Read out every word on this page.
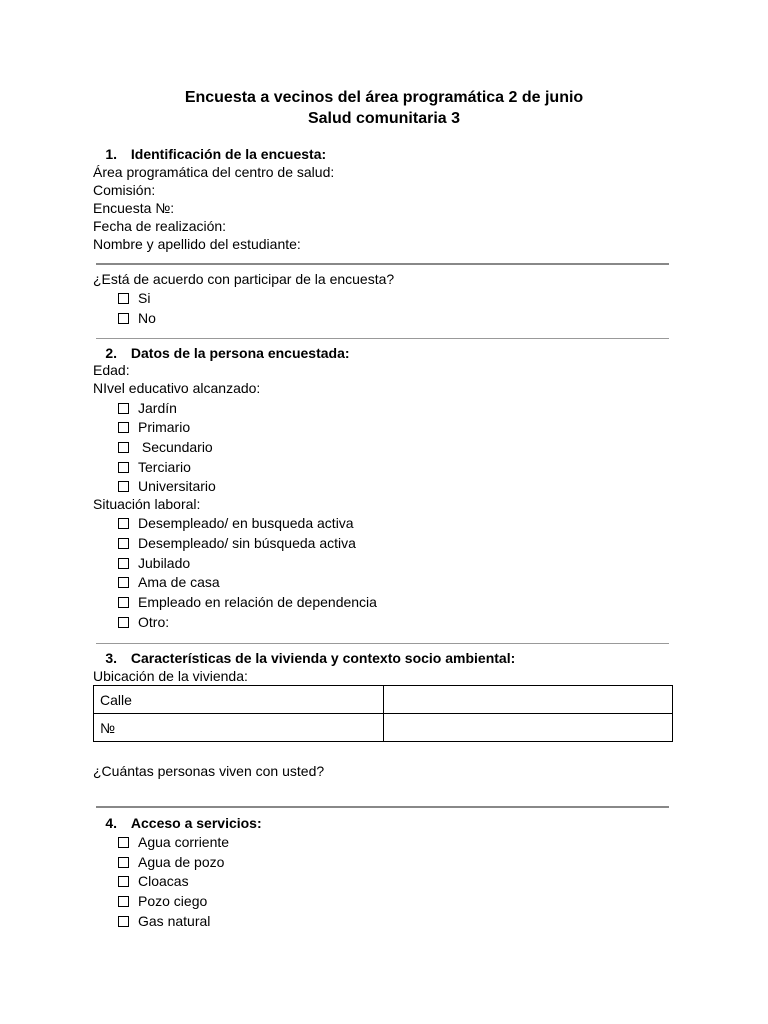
Encuesta a vecinos del área programática 2 de junio
Salud comunitaria 3
1. Identificación de la encuesta:
Área programática del centro de salud:
Comisión:
Encuesta №:
Fecha de realización:
Nombre y apellido del estudiante:
¿Está de acuerdo con participar de la encuesta?
Si
No
2. Datos de la persona encuestada:
Edad:
NIvel educativo alcanzado:
Jardín
Primario
Secundario
Terciario
Universitario
Situación laboral:
Desempleado/ en busqueda activa
Desempleado/ sin búsqueda activa
Jubilado
Ama de casa
Empleado en relación de dependencia
Otro:
3. Características de la vivienda y contexto socio ambiental:
Ubicación de la vivienda:
Calle	
№	
¿Cuántas personas viven con usted?
4. Acceso a servicios:
Agua corriente
Agua de pozo
Cloacas
Pozo ciego
Gas natural
